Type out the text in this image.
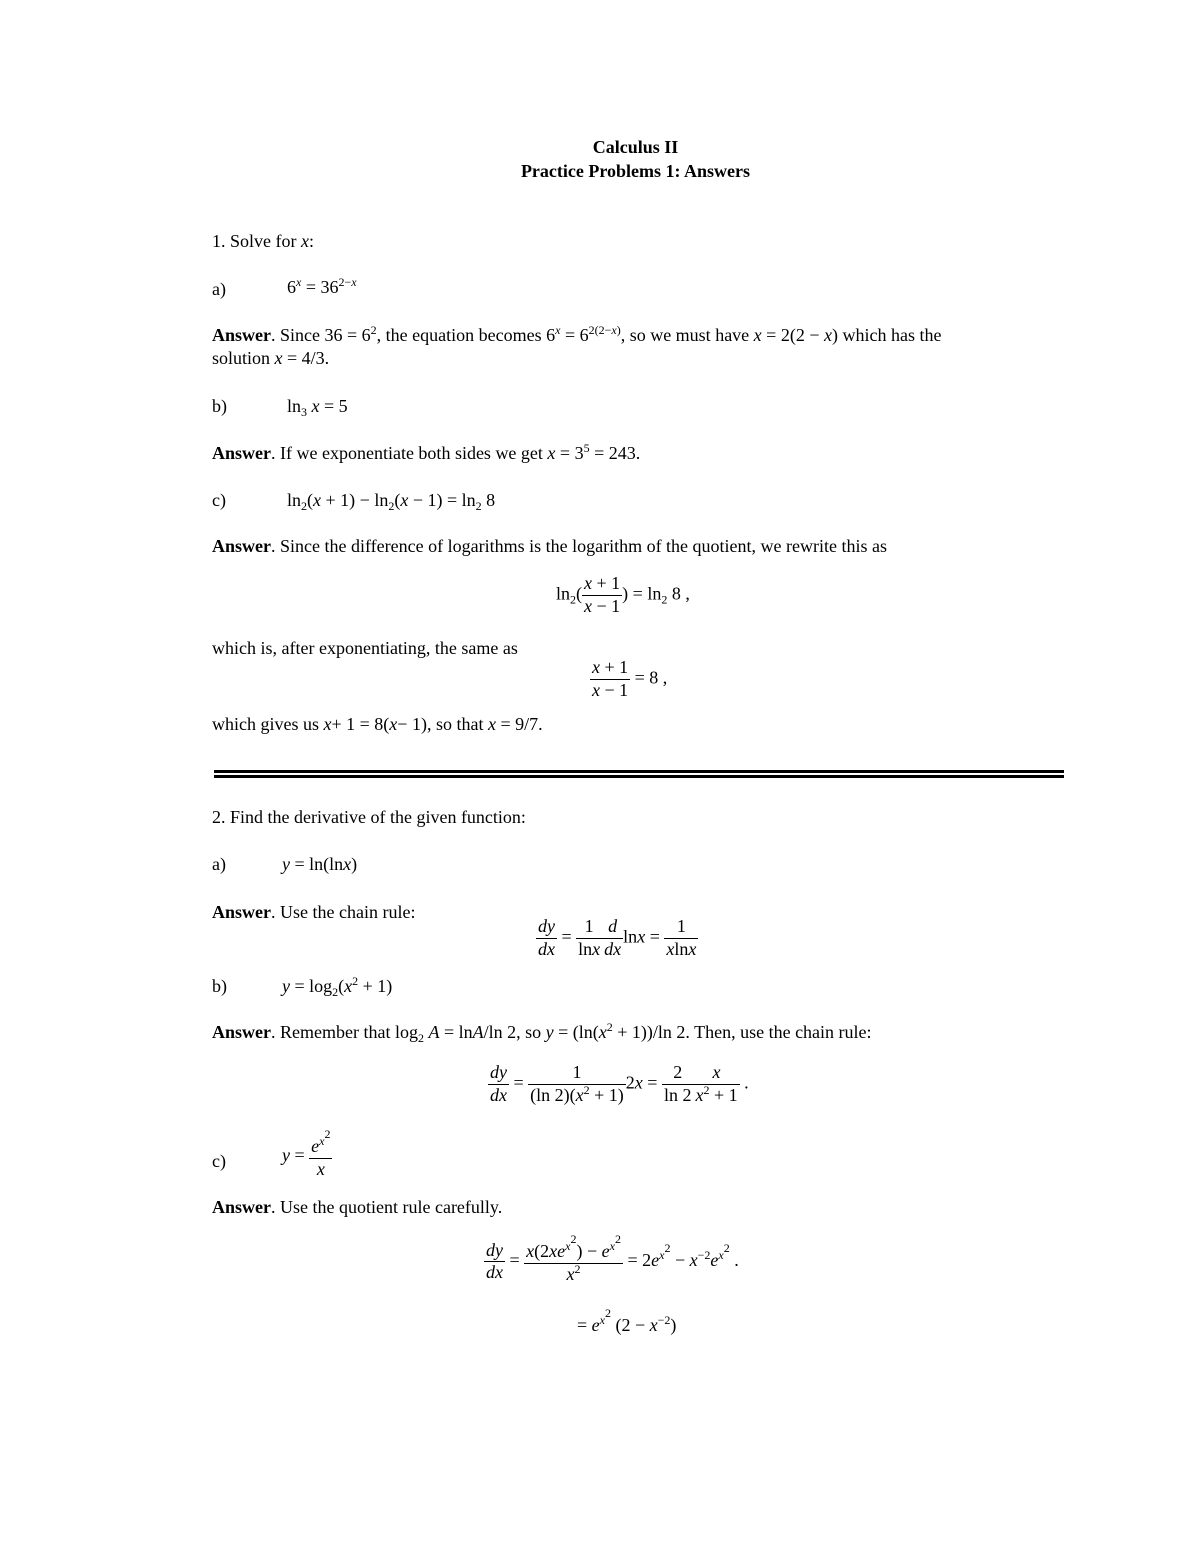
Calculus II
Practice Problems 1: Answers
1. Solve for x:
a)	$6^x = 36^{2-x}$
Answer. Since $36 = 6^2$, the equation becomes $6^x = 6^{2(2-x)}$, so we must have x = 2(2 − x) which has the
solution x = 4/3.
b)	$\ln_3 x = 5$
Answer. If we exponentiate both sides we get $x = 3^5 = 243$.
c)	$\ln_2(x + 1) - \ln_2(x - 1) = \ln_2 8$
Answer. Since the difference of logarithms is the logarithm of the quotient, we rewrite this as
$\ln_2( \frac{x + 1}{x - 1}$ ) = $\ln_2 8$ ,
which is, after exponentiating, the same as
$\frac{x + 1}{x - 1} = 8$ ,
which gives us x+ 1 = 8(x− 1), so that x = 9/7.
2. Find the derivative of the given function:
a)	y = ln(lnx)
Answer. Use the chain rule:
$\frac{dy}{dx} = \frac{1}{\ln x} \frac{d}{dx}$ $\ln x = \frac{1}{xlnx}$
b)	$y = \log_2(x^2 + 1)$
Answer. Remember that $\log_2 A = \ln A/\ln$ 2, so $y = (\ln(x^2 + 1))/\ln$ 2. Then, use the chain rule:
$\frac{dy}{dx} = \frac{1}{(\ln 2)(x^2 + 1)} 2x = \frac{2}{\ln 2} \frac{x}{x^2 + 1}$ .
c)	$y = \frac{e^{x^2}}{x}$
Answer. Use the quotient rule carefully.
$\frac{dy}{dx} = \frac{x(2xe^{x^2}) - e^{x^2}}{x^2} = 2e^{x^2} - x^{-2}e^{x^2}$ .
= $e^{x^2}$ $(2 - x^{-2})$
